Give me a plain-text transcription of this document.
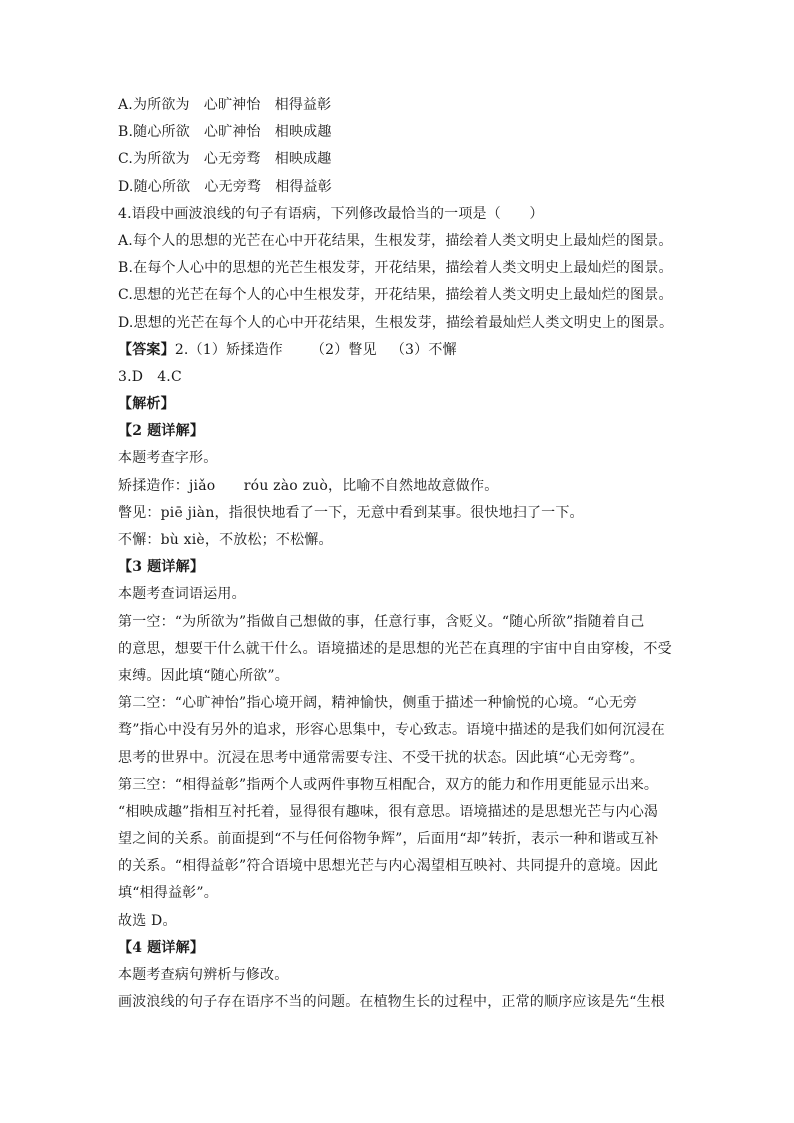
A.为所欲为 心旷神怡 相得益彰
B.随心所欲 心旷神怡 相映成趣
C.为所欲为 心无旁骛 相映成趣
D.随心所欲 心无旁骛 相得益彰
4.语段中画波浪线的句子有语病，下列修改最恰当的一项是（　　）
A.每个人的思想的光芒在心中开花结果，生根发芽，描绘着人类文明史上最灿烂的图景。
B.在每个人心中的思想的光芒生根发芽，开花结果，描绘着人类文明史上最灿烂的图景。
C.思想的光芒在每个人的心中生根发芽，开花结果，描绘着人类文明史上最灿烂的图景。
D.思想的光芒在每个人的心中开花结果，生根发芽，描绘着最灿烂人类文明史上的图景。
【答案】2.（1）矫揉造作 （2）瞥见 （3）不懈
3.D 4.C
【解析】
【2 题详解】
本题考查字形。
矫揉造作：jiǎo　　róu zào zuò，比喻不自然地故意做作。
瞥见：piē jiàn，指很快地看了一下，无意中看到某事。很快地扫了一下。
不懈：bù xiè，不放松；不松懈。
【3 题详解】
本题考查词语运用。
第一空：“为所欲为”指做自己想做的事，任意行事，含贬义。“随心所欲”指随着自己
的意思，想要干什么就干什么。语境描述的是思想的光芒在真理的宇宙中自由穿梭，不受
束缚。因此填“随心所欲”。
第二空：“心旷神怡”指心境开阔，精神愉快，侧重于描述一种愉悦的心境。“心无旁
骛”指心中没有另外的追求，形容心思集中，专心致志。语境中描述的是我们如何沉浸在
思考的世界中。沉浸在思考中通常需要专注、不受干扰的状态。因此填“心无旁骛”。
第三空：“相得益彰”指两个人或两件事物互相配合，双方的能力和作用更能显示出来。
“相映成趣”指相互衬托着，显得很有趣味，很有意思。语境描述的是思想光芒与内心渴
望之间的关系。前面提到“不与任何俗物争辉”，后面用“却”转折，表示一种和谐或互补
的关系。“相得益彰”符合语境中思想光芒与内心渴望相互映衬、共同提升的意境。因此
填“相得益彰”。
故选 D。
【4 题详解】
本题考查病句辨析与修改。
画波浪线的句子存在语序不当的问题。在植物生长的过程中，正常的顺序应该是先“生根
